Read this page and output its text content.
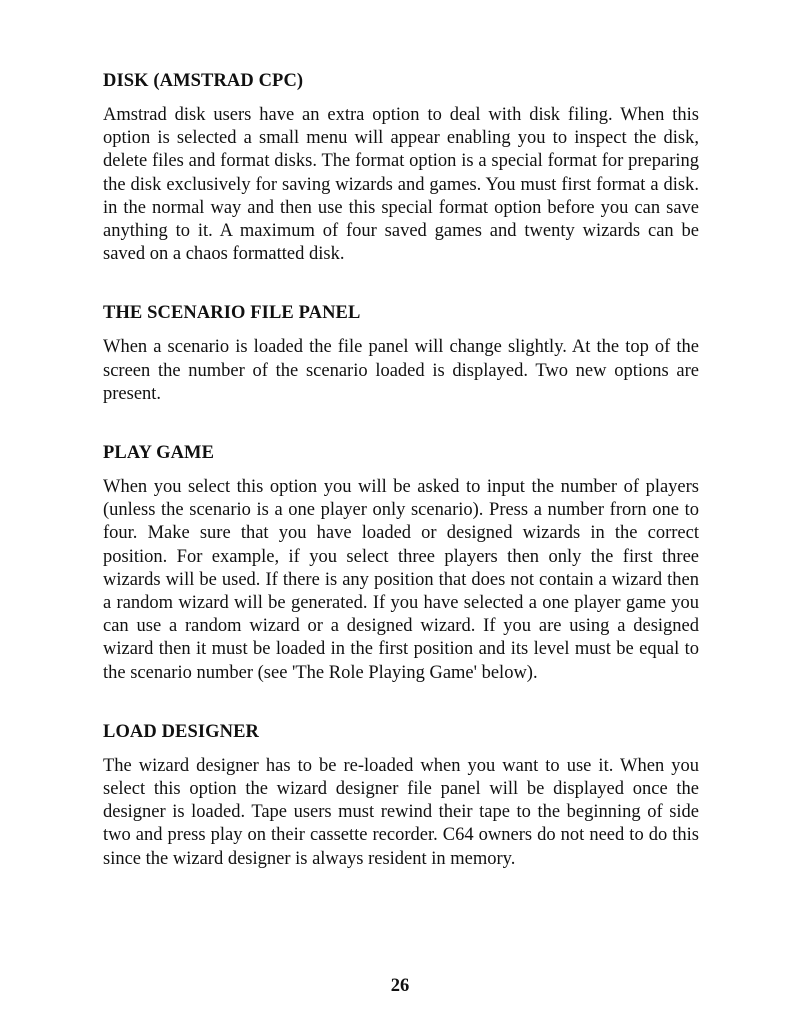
DISK (AMSTRAD CPC)

Amstrad disk users have an extra option to deal with disk filing. When this option is selected a small menu will appear enabling you to inspect the disk, delete files and format disks. The format option is a special format for preparing the disk exclusively for saving wizards and games. You must first format a disk. in the normal way and then use this special format option before you can save anything to it. A maximum of four saved games and twenty wizards can be saved on a chaos formatted disk.

THE SCENARIO FILE PANEL

When a scenario is loaded the file panel will change slightly. At the top of the screen the number of the scenario loaded is displayed. Two new options are present.

PLAY GAME

When you select this option you will be asked to input the number of players (unless the scenario is a one player only scenario). Press a number frorn one to four. Make sure that you have loaded or designed wizards in the correct position. For example, if you select three players then only the first three wizards will be used. If there is any position that does not contain a wizard then a random wizard will be generated. If you have selected a one player game you can use a random wizard or a designed wizard. If you are using a designed wizard then it must be loaded in the first position and its level must be equal to the scenario number (see 'The Role Playing Game' below).

LOAD DESIGNER

The wizard designer has to be re-loaded when you want to use it. When you select this option the wizard designer file panel will be displayed once the designer is loaded. Tape users must rewind their tape to the beginning of side two and press play on their cassette recorder. C64 owners do not need to do this since the wizard designer is always resident in memory.

26
